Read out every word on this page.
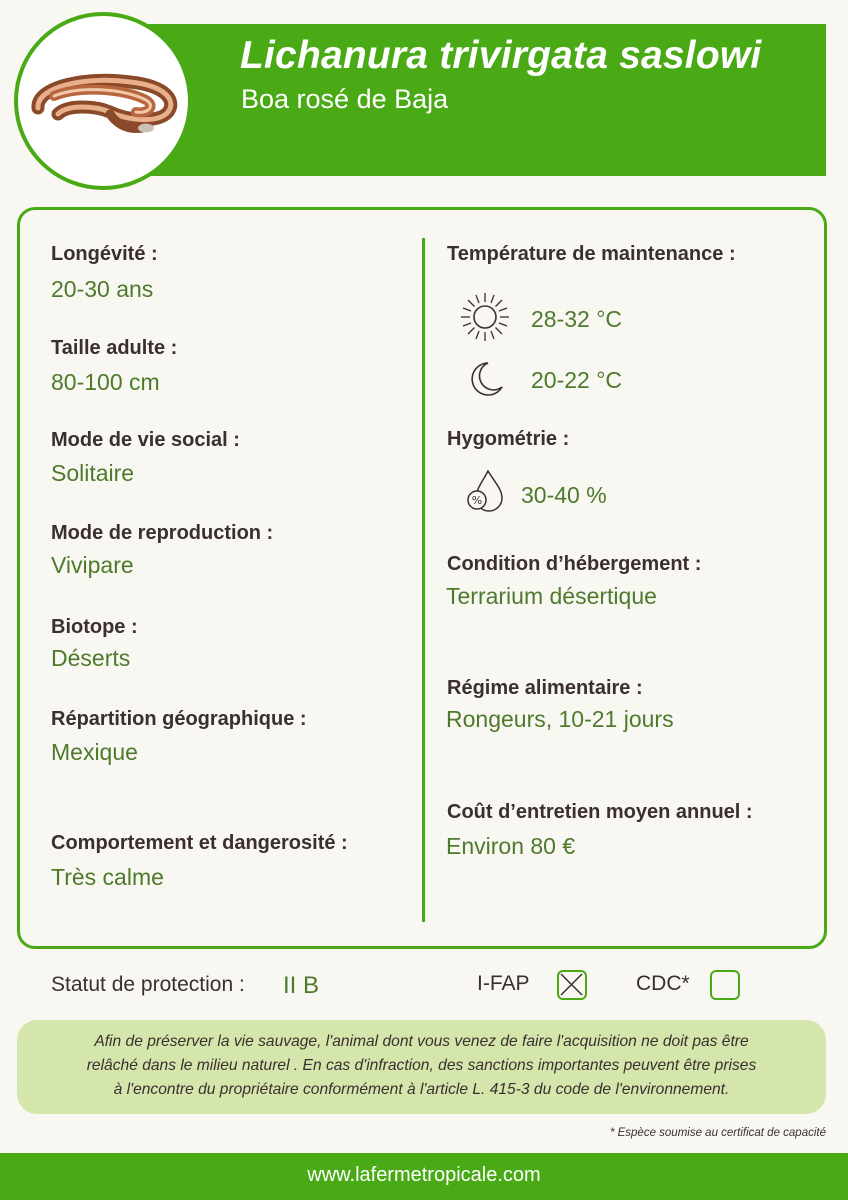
Lichanura trivirgata saslowi
Boa rosé de Baja
Longévité :
20-30 ans
Taille adulte :
80-100 cm
Mode de vie social :
Solitaire
Mode de reproduction :
Vivipare
Biotope :
Déserts
Répartition géographique :
Mexique
Comportement et dangerosité :
Très calme
Température de maintenance :
28-32 °C
20-22 °C
Hygométrie :
% 30-40 %
Condition d’hébergement :
Terrarium désertique
Régime alimentaire :
Rongeurs, 10-21 jours
Coût d’entretien moyen annuel :
Environ 80 €
Statut de protection : II B	I-FAP	CDC*
Afin de préserver la vie sauvage, l'animal dont vous venez de faire l'acquisition ne doit pas être
relâché dans le milieu naturel . En cas d'infraction, des sanctions importantes peuvent être prises
à l'encontre du propriétaire conformément à l'article L. 415-3 du code de l'environnement.
* Espèce soumise au certificat de capacité
www.lafermetropicale.com
